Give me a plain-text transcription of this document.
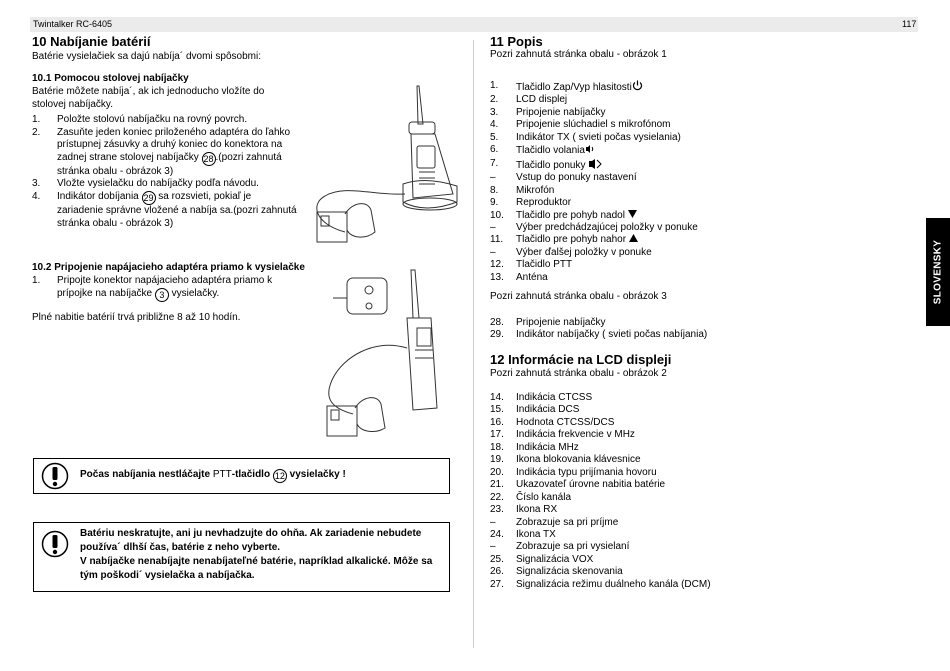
Twintalker RC-6405	117
SLOVENSKY
10 Nabíjanie batérií
Batérie vysielačiek sa dajú nabíja´ dvomi spôsobmi:
10.1 Pomocou stolovej nabíjačky
Batérie môžete nabíja´, ak ich jednoducho vložíte do stolovej nabíjačky.
1. Položte stolovú nabíjačku na rovný povrch.
2. Zasuňte jeden koniec priloženého adaptéra do ľahko prístupnej zásuvky a druhý koniec do konektora na zadnej strane stolovej nabíjačky 28 .(pozri zahnutá stránka obalu - obrázok 3)
3. Vložte vysielačku do nabíjačky podľa návodu.
4. Indikátor dobíjania 29 sa rozsvieti, pokiaľ je zariadenie správne vložené a nabíja sa.(pozri zahnutá stránka obalu - obrázok 3)
10.2 Pripojenie napájacieho adaptéra priamo k vysielačke
1. Pripojte konektor napájacieho adaptéra priamo k prípojke na nabíjačke 3 vysielačky.
Plné nabitie batérií trvá približne 8 až 10 hodín.
Počas nabíjania nestláčajte PTT-tlačidlo 12 vysielačky !
Batériu neskratujte, ani ju nevhadzujte do ohňa. Ak zariadenie nebudete používa´ dlhší čas, batérie z neho vyberte.
V nabíjačke nenabíjajte nenabíjateľné batérie, napríklad alkalické. Môže sa tým poškodi´ vysielačka a nabíjačka.
11 Popis
Pozri zahnutá stránka obalu - obrázok 1
1. Tlačidlo Zap/Vyp hlasitosti
2. LCD displej
3. Pripojenie nabíjačky
4. Pripojenie slúchadiel s mikrofónom
5. Indikátor TX ( svieti počas vysielania)
6. Tlačidlo volania
7. Tlačidlo ponuky
– Vstup do ponuky nastavení
8. Mikrofón
9. Reproduktor
10. Tlačidlo pre pohyb nadol
– Výber predchádzajúcej položky v ponuke
11. Tlačidlo pre pohyb nahor
– Výber ďalšej položky v ponuke
12. Tlačidlo PTT
13. Anténa
Pozri zahnutá stránka obalu - obrázok 3
28. Pripojenie nabíjačky
29. Indikátor nabíjačky ( svieti počas nabíjania)
12 Informácie na LCD displeji
Pozri zahnutá stránka obalu - obrázok 2
14. Indikácia CTCSS
15. Indikácia DCS
16. Hodnota CTCSS/DCS
17. Indikácia frekvencie v MHz
18. Indikácia MHz
19. Ikona blokovania klávesnice
20. Indikácia typu prijímania hovoru
21. Ukazovateľ úrovne nabitia batérie
22. Číslo kanála
23. Ikona RX
– Zobrazuje sa pri príjme
24. Ikona TX
– Zobrazuje sa pri vysielaní
25. Signalizácia VOX
26. Signalizácia skenovania
27. Signalizácia režimu duálneho kanála (DCM)
